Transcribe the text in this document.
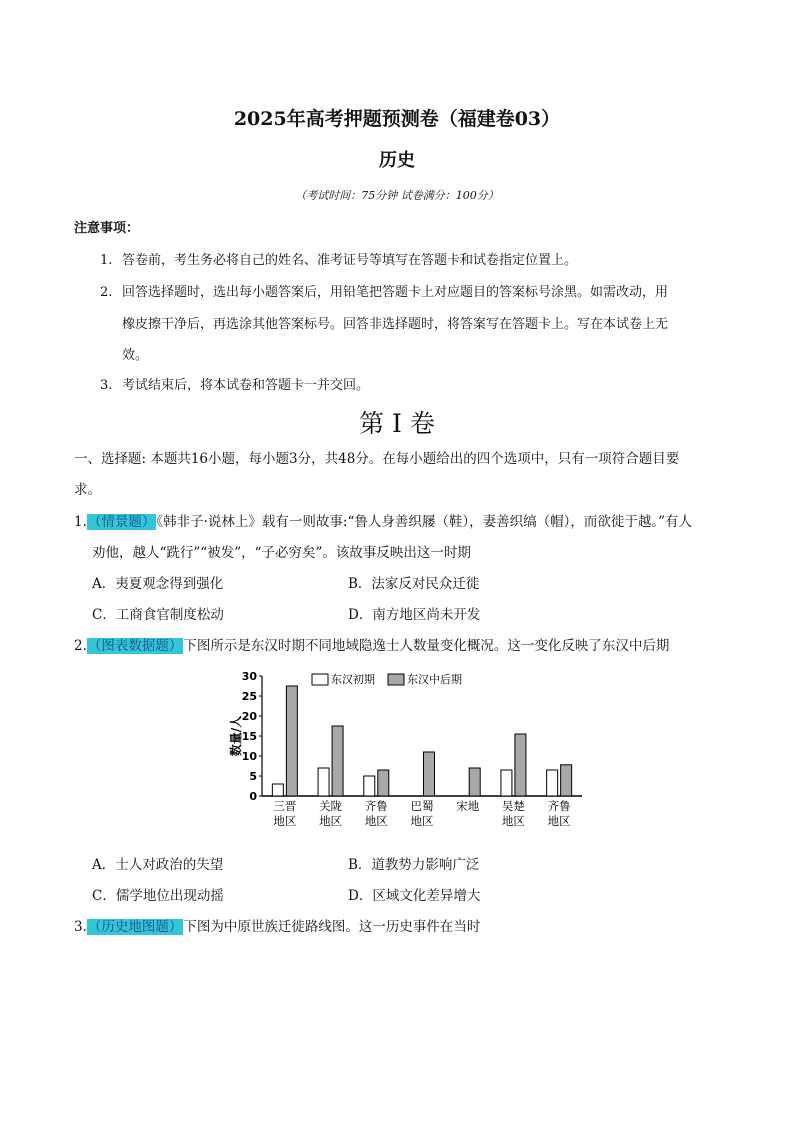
2025年高考押题预测卷（福建卷03）
历史
（考试时间：75分钟 试卷满分：100分）
注意事项：
1. 答卷前，考生务必将自己的姓名、准考证号等填写在答题卡和试卷指定位置上。
2. 回答选择题时，选出每小题答案后，用铅笔把答题卡上对应题目的答案标号涂黑。如需改动，用
橡皮擦干净后，再选涂其他答案标号。回答非选择题时，将答案写在答题卡上。写在本试卷上无
效。
3. 考试结束后，将本试卷和答题卡一并交回。
第 I 卷
一、选择题: 本题共16小题，每小题3分，共48分。在每小题给出的四个选项中，只有一项符合题目要
求。
1.（情景题）《韩非子·说林上》载有一则故事:“鲁人身善织屦（鞋），妻善织缟（帽），而欲徙于越。”有人
劝他，越人“跣行”“被发”，“子必穷矣”。该故事反映出这一时期
A．夷夏观念得到强化	B．法家反对民众迁徙
C．工商食官制度松动	D．南方地区尚未开发
2.（图表数据题）下图所示是东汉时期不同地域隐逸士人数量变化概况。这一变化反映了东汉中后期
0
5
10
15
20
25
30
数量/人
三晋
地区
关陇
地区
齐鲁
地区
巴蜀
地区
宋地 吴楚
地区
齐鲁
地区
东汉初期	东汉中后期
A．士人对政治的失望	B．道教势力影响广泛
C．儒学地位出现动摇	D．区域文化差异增大
3.（历史地图题）下图为中原世族迁徙路线图。这一历史事件在当时
